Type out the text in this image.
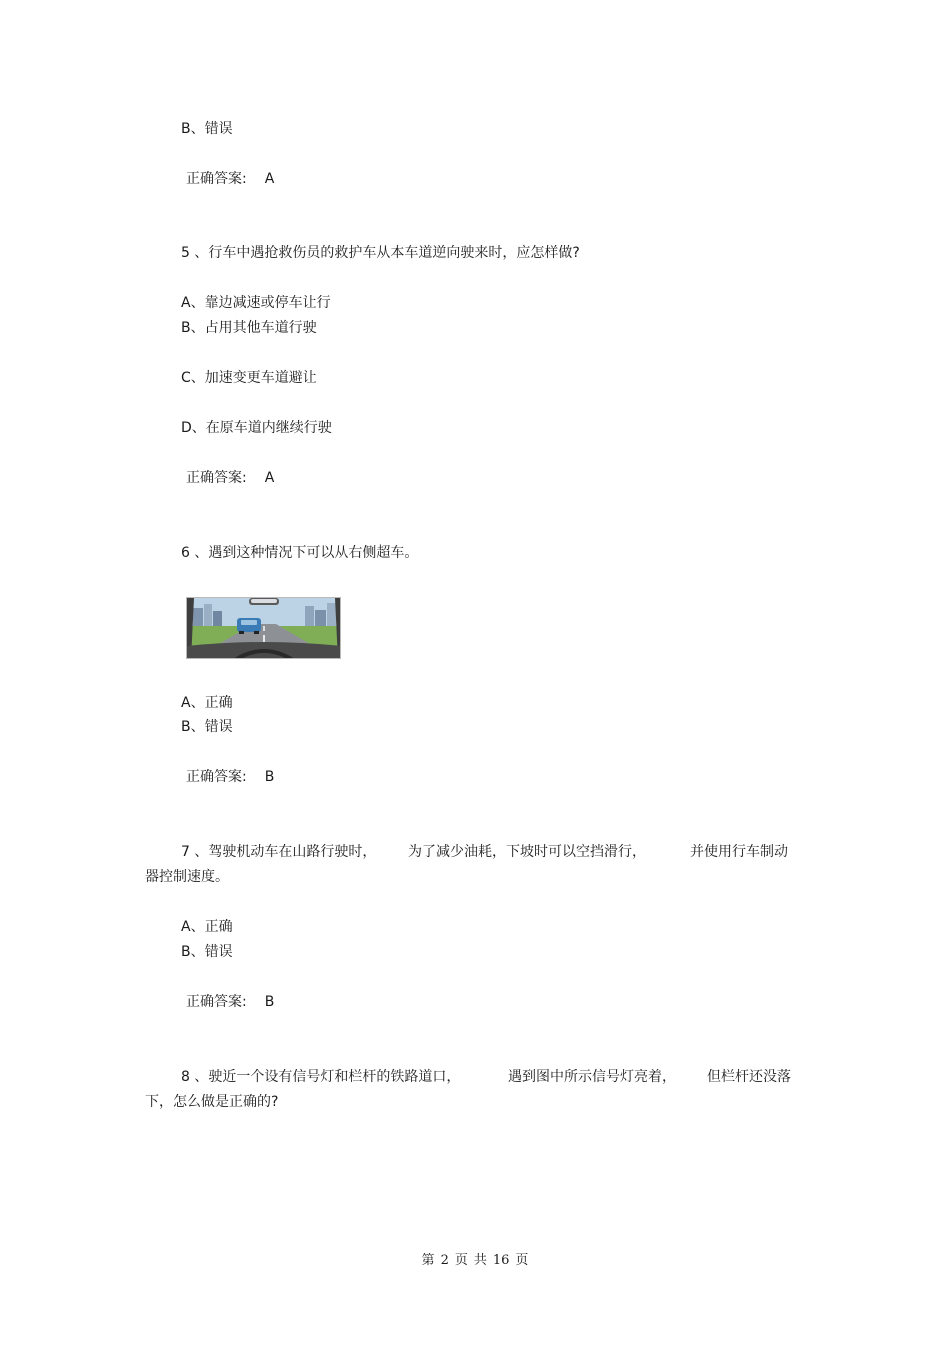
B、错误
正确答案: A
5 、行车中遇抢救伤员的救护车从本车道逆向驶来时，应怎样做?
A、靠边减速或停车让行
B、占用其他车道行驶
C、加速变更车道避让
D、在原车道内继续行驶
正确答案: A
6 、遇到这种情况下可以从右侧超车。
A、正确
B、错误
正确答案: B
7 、驾驶机动车在山路行驶时， 为了减少油耗，下坡时可以空挡滑行，	并使用行车制动
器控制速度。
A、正确
B、错误
正确答案: B
8 、驶近一个设有信号灯和栏杆的铁路道口，	遇到图中所示信号灯亮着， 但栏杆还没落
下，怎么做是正确的?
第 2 页 共 16 页
